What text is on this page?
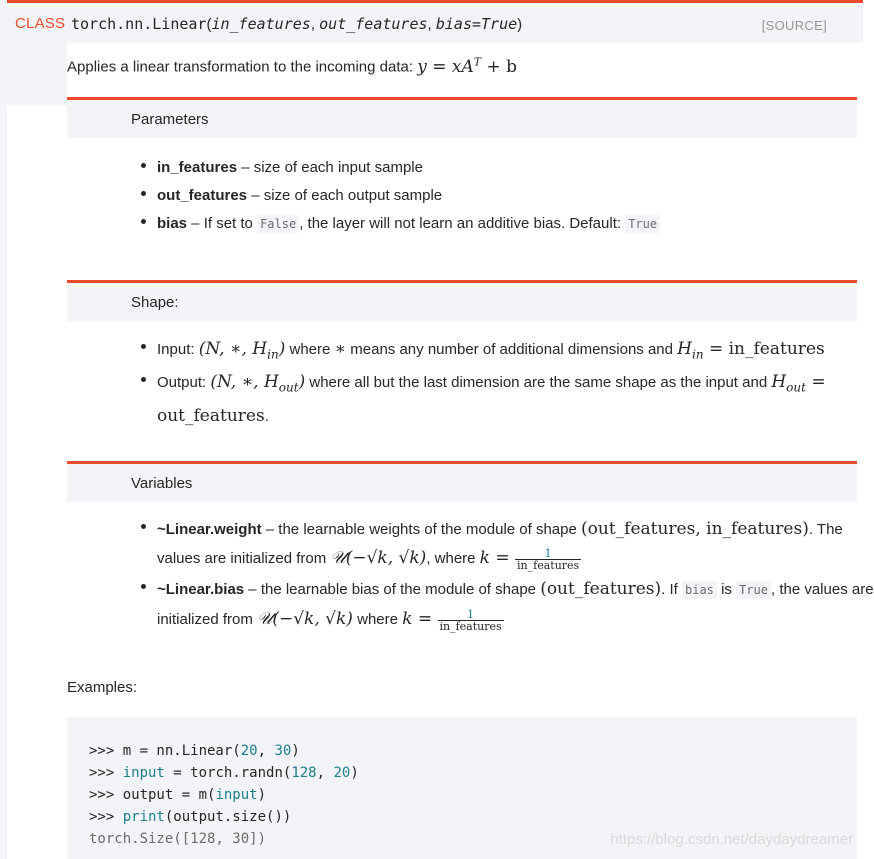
CLASS torch.nn.Linear(in_features, out_features, bias=True)	[SOURCE]
Applies a linear transformation to the incoming data: $y = xA^T + b$
Parameters
in_features – size of each input sample
out_features – size of each output sample
bias – If set to False , the layer will not learn an additive bias. Default: True
Shape:
Input: (N, ∗, $H_{in}$) where ∗ means any number of additional dimensions and $H_{in}$ = in_features
Output: (N, ∗, $H_{out}$) where all but the last dimension are the same shape as the input and $H_{out}$ =
out_features.
Variables
~Linear.weight – the learnable weights of the module of shape (out_features, in_features). The
values are initialized from 𝒰(−√k, √k), where $k = \frac{1}{\text{in\_features}}$
~Linear.bias – the learnable bias of the module of shape (out_features). If bias is True , the values are
initialized from 𝒰(−√k, √k) where $k = \frac{1}{\text{in\_features}}$
Examples:
>>> m = nn.Linear(20, 30)
>>> input = torch.randn(128, 20)
>>> output = m(input)
>>> print(output.size())
torch.Size([128, 30])	https://blog.csdn.net/daydaydreamer
